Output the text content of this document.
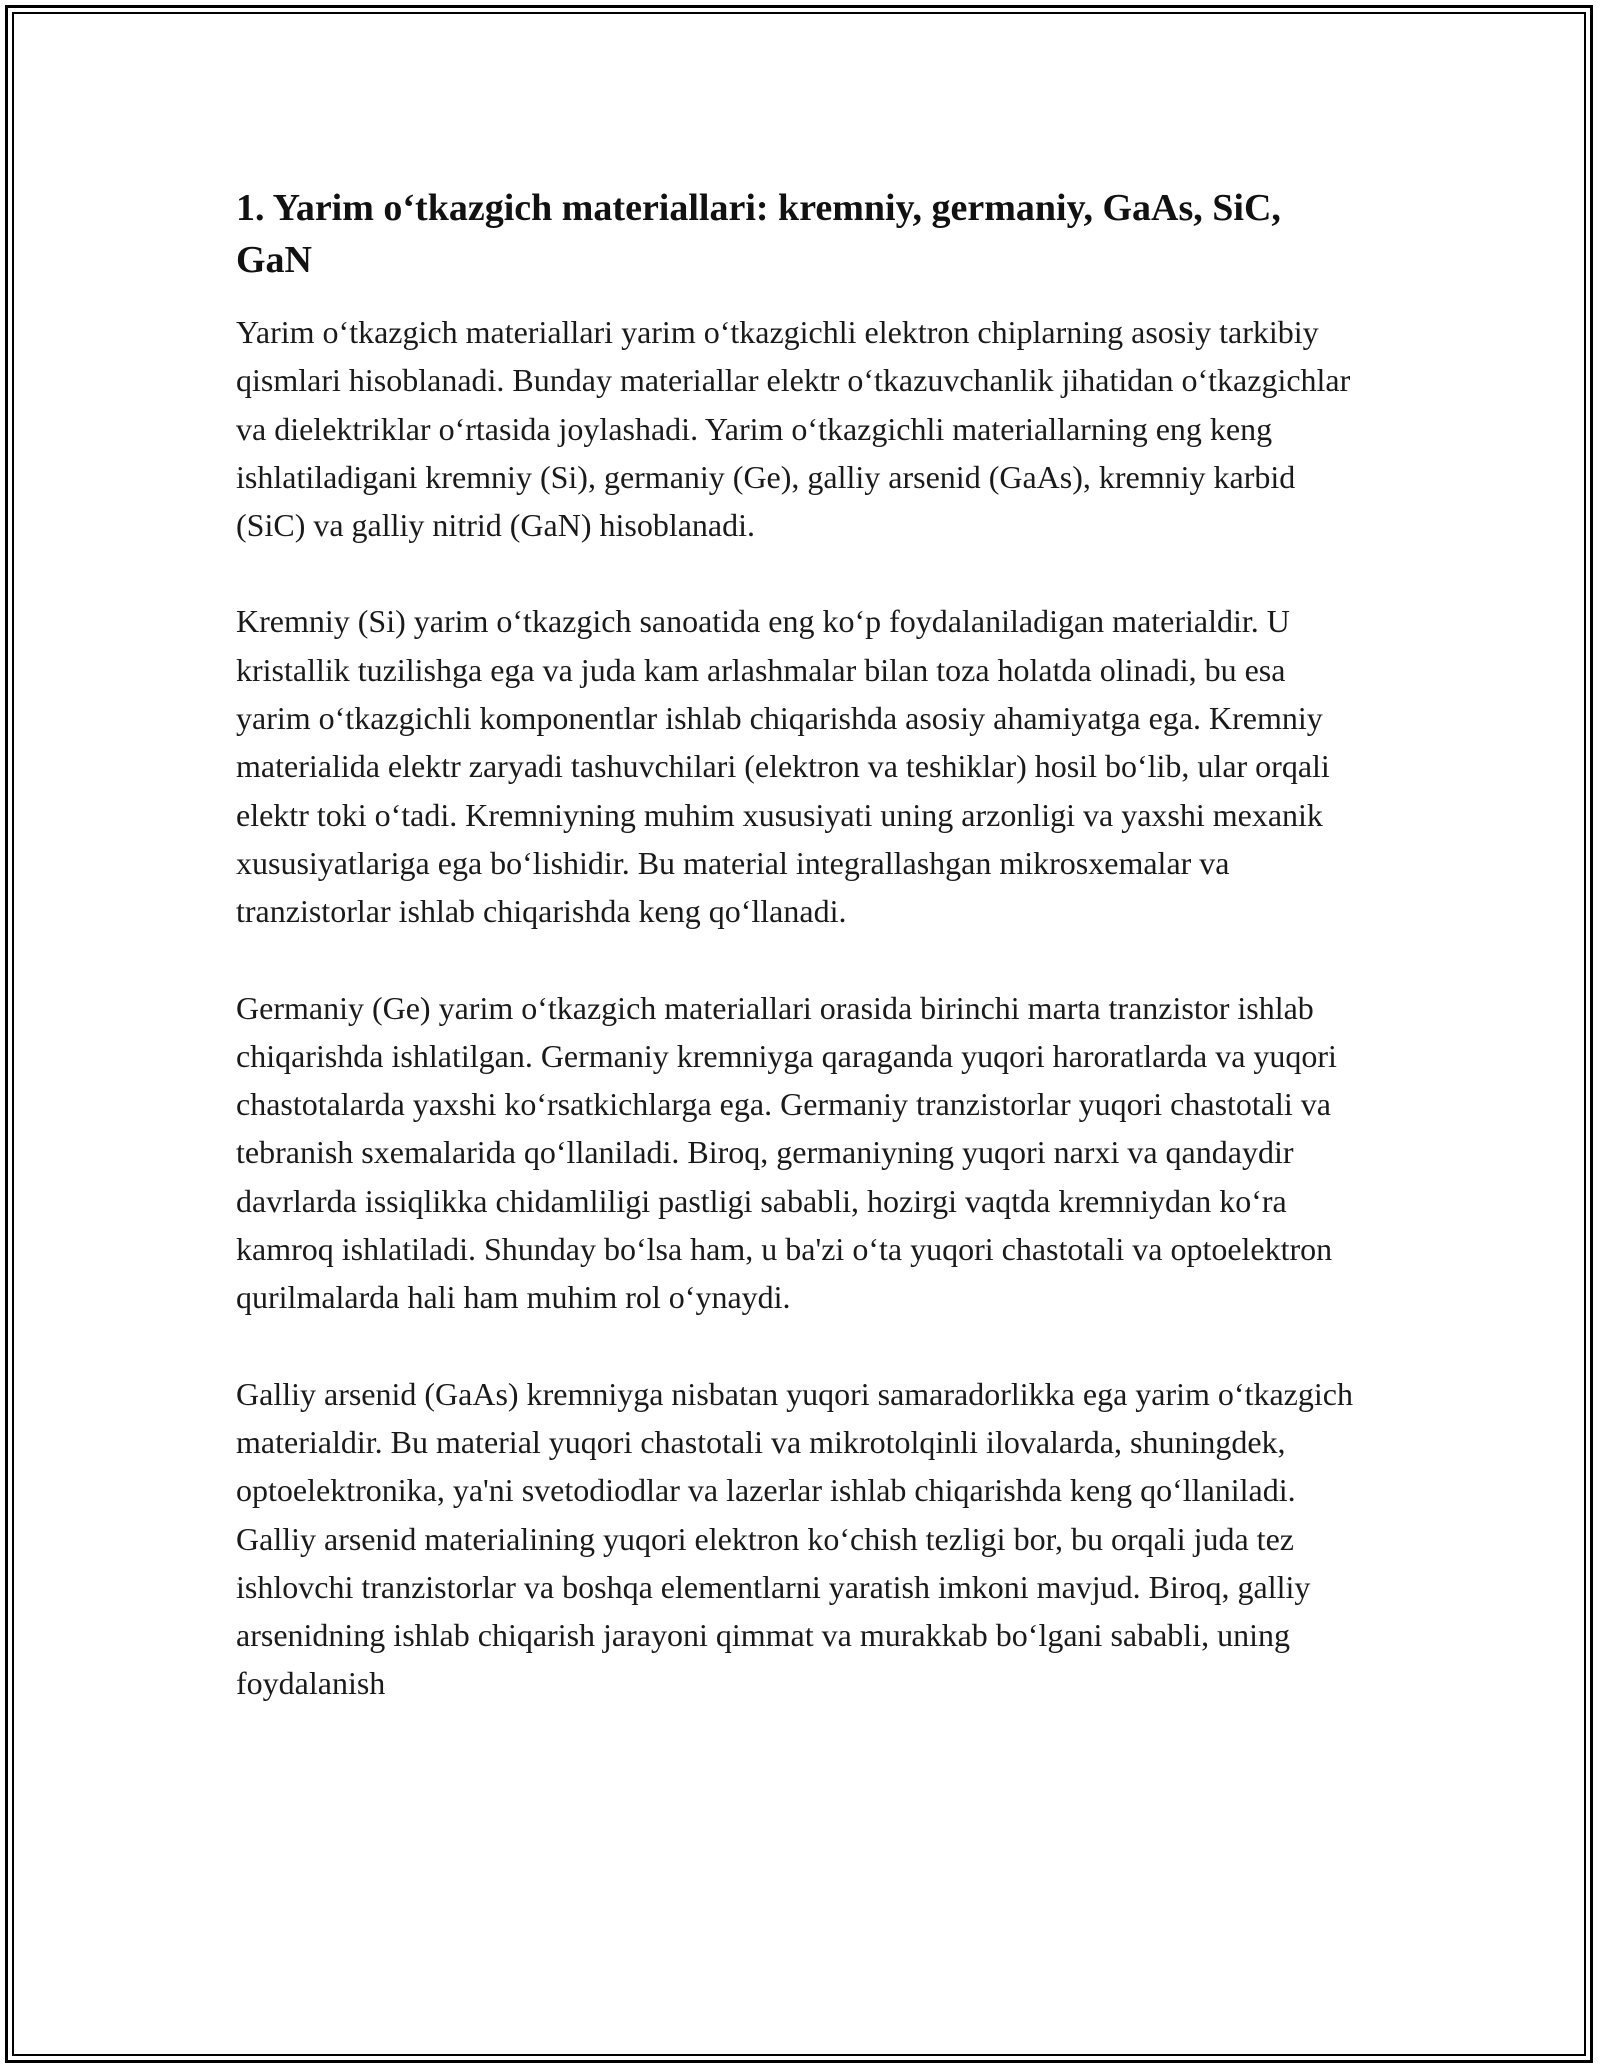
1. Yarim o‘tkazgich materiallari: kremniy, germaniy, GaAs, SiC, GaN

Yarim o‘tkazgich materiallari yarim o‘tkazgichli elektron chiplarning asosiy tarkibiy qismlari hisoblanadi. Bunday materiallar elektr o‘tkazuvchanlik jihatidan o‘tkazgichlar va dielektriklar o‘rtasida joylashadi. Yarim o‘tkazgichli materiallarning eng keng ishlatiladigani kremniy (Si), germaniy (Ge), galliy arsenid (GaAs), kremniy karbid (SiC) va galliy nitrid (GaN) hisoblanadi.

Kremniy (Si) yarim o‘tkazgich sanoatida eng ko‘p foydalaniladigan materialdir. U kristallik tuzilishga ega va juda kam arlashmalar bilan toza holatda olinadi, bu esa yarim o‘tkazgichli komponentlar ishlab chiqarishda asosiy ahamiyatga ega. Kremniy materialida elektr zaryadi tashuvchilari (elektron va teshiklar) hosil bo‘lib, ular orqali elektr toki o‘tadi. Kremniyning muhim xususiyati uning arzonligi va yaxshi mexanik xususiyatlariga ega bo‘lishidir. Bu material integrallashgan mikrosxemalar va tranzistorlar ishlab chiqarishda keng qo‘llanadi.

Germaniy (Ge) yarim o‘tkazgich materiallari orasida birinchi marta tranzistor ishlab chiqarishda ishlatilgan. Germaniy kremniyga qaraganda yuqori haroratlarda va yuqori chastotalarda yaxshi ko‘rsatkichlarga ega. Germaniy tranzistorlar yuqori chastotali va tebranish sxemalarida qo‘llaniladi. Biroq, germaniyning yuqori narxi va qandaydir davrlarda issiqlikka chidamliligi pastligi sababli, hozirgi vaqtda kremniydan ko‘ra kamroq ishlatiladi. Shunday bo‘lsa ham, u ba'zi o‘ta yuqori chastotali va optoelektron qurilmalarda hali ham muhim rol o‘ynaydi.

Galliy arsenid (GaAs) kremniyga nisbatan yuqori samaradorlikka ega yarim o‘tkazgich materialdir. Bu material yuqori chastotali va mikrotolqinli ilovalarda, shuningdek, optoelektronika, ya'ni svetodiodlar va lazerlar ishlab chiqarishda keng qo‘llaniladi. Galliy arsenid materialining yuqori elektron ko‘chish tezligi bor, bu orqali juda tez ishlovchi tranzistorlar va boshqa elementlarni yaratish imkoni mavjud. Biroq, galliy arsenidning ishlab chiqarish jarayoni qimmat va murakkab bo‘lgani sababli, uning foydalanish
